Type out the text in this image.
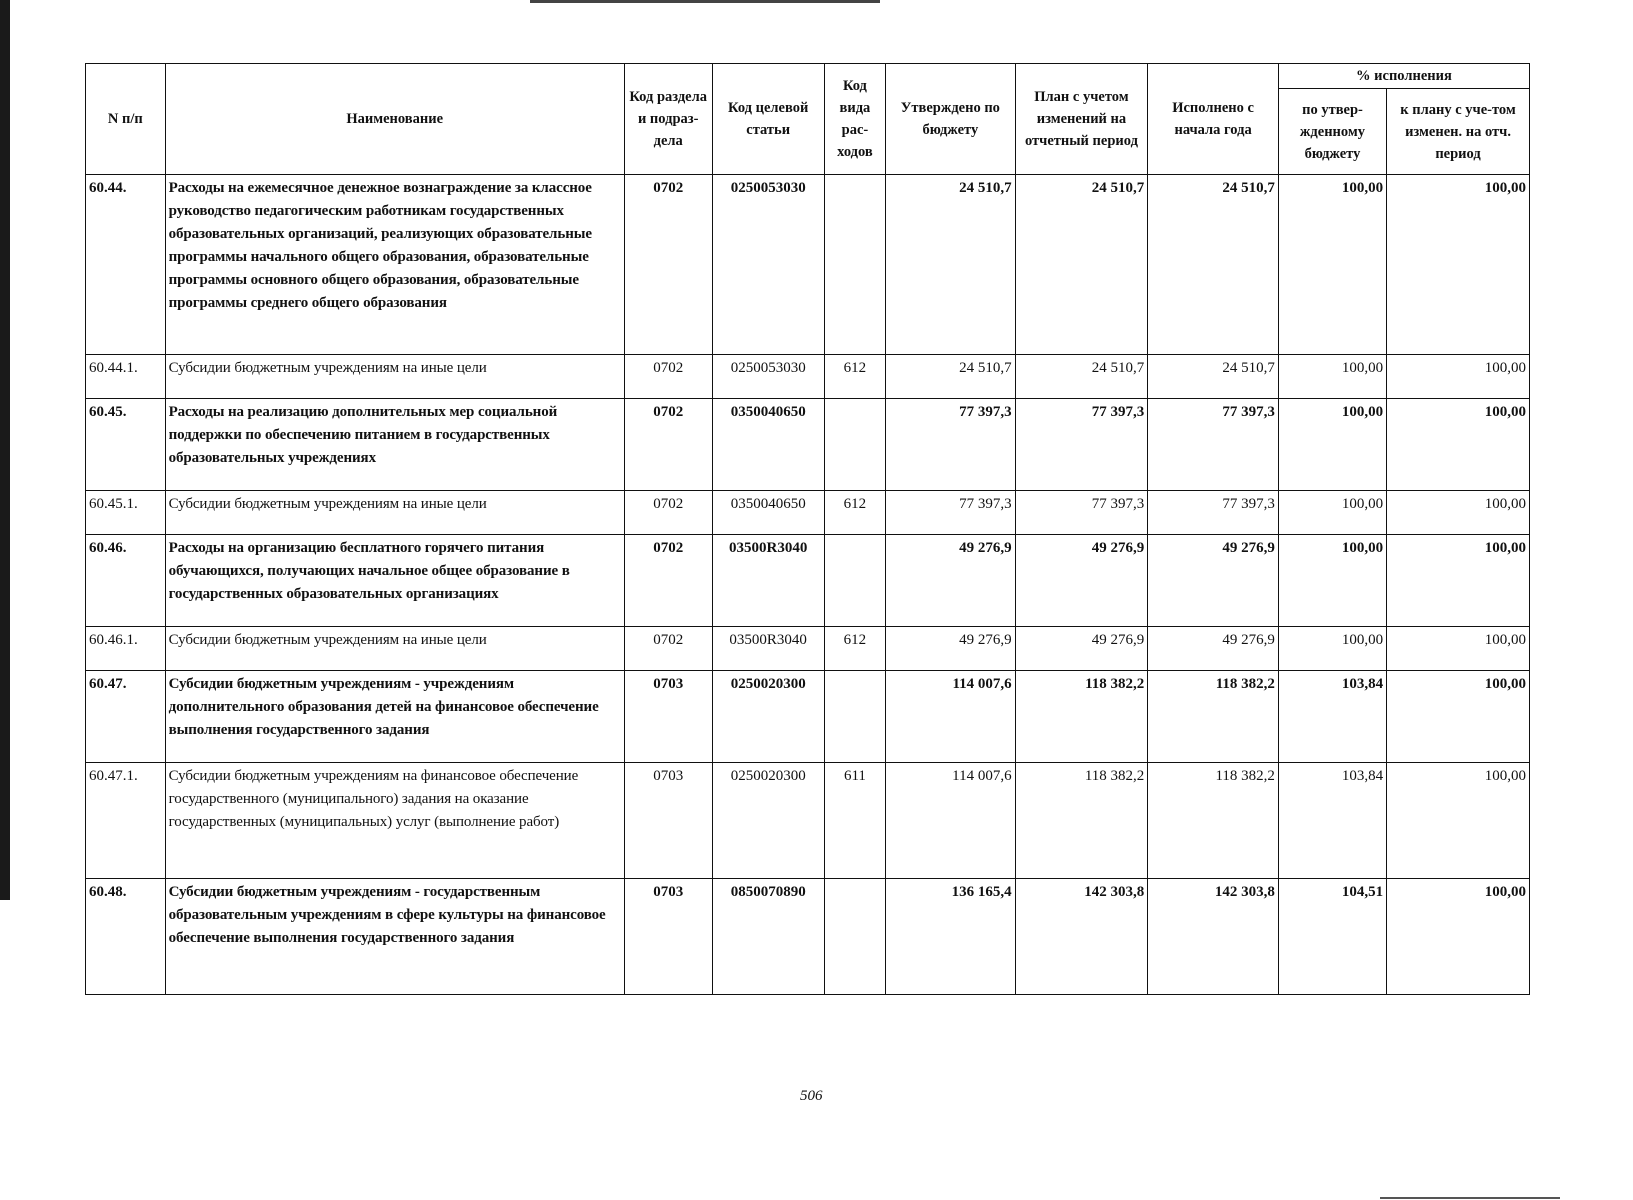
N п/п	Наименование	Код раздела и подраз-дела	Код целевой статьи	Код вида рас-ходов	Утверждено по бюджету	План с учетом изменений на отчетный период	Исполнено с начала года	% исполнения	
								по утвер-жденному бюджету	к плану с уче-том изменен. на отч. период
60.44.	Расходы на ежемесячное денежное вознаграждение за классное руководство педагогическим работникам государственных образовательных организаций, реализующих образовательные программы начального общего образования, образовательные программы основного общего образования, образовательные программы среднего общего образования	0702	0250053030		24 510,7	24 510,7	24 510,7	100,00	100,00
60.44.1.	Субсидии бюджетным учреждениям на иные цели	0702	0250053030	612	24 510,7	24 510,7	24 510,7	100,00	100,00
60.45.	Расходы на реализацию дополнительных мер социальной поддержки по обеспечению питанием в государственных образовательных учреждениях	0702	0350040650		77 397,3	77 397,3	77 397,3	100,00	100,00
60.45.1.	Субсидии бюджетным учреждениям на иные цели	0702	0350040650	612	77 397,3	77 397,3	77 397,3	100,00	100,00
60.46.	Расходы на организацию бесплатного горячего питания обучающихся, получающих начальное общее образование в государственных образовательных организациях	0702	03500R3040		49 276,9	49 276,9	49 276,9	100,00	100,00
60.46.1.	Субсидии бюджетным учреждениям на иные цели	0702	03500R3040	612	49 276,9	49 276,9	49 276,9	100,00	100,00
60.47.	Субсидии бюджетным учреждениям - учреждениям дополнительного образования детей на финансовое обеспечение выполнения государственного задания	0703	0250020300		114 007,6	118 382,2	118 382,2	103,84	100,00
60.47.1.	Субсидии бюджетным учреждениям на финансовое обеспечение государственного (муниципального) задания на оказание государственных (муниципальных) услуг (выполнение работ)	0703	0250020300	611	114 007,6	118 382,2	118 382,2	103,84	100,00
60.48.	Субсидии бюджетным учреждениям - государственным образовательным учреждениям в сфере культуры на финансовое обеспечение выполнения государственного задания	0703	0850070890		136 165,4	142 303,8	142 303,8	104,51	100,00
506
